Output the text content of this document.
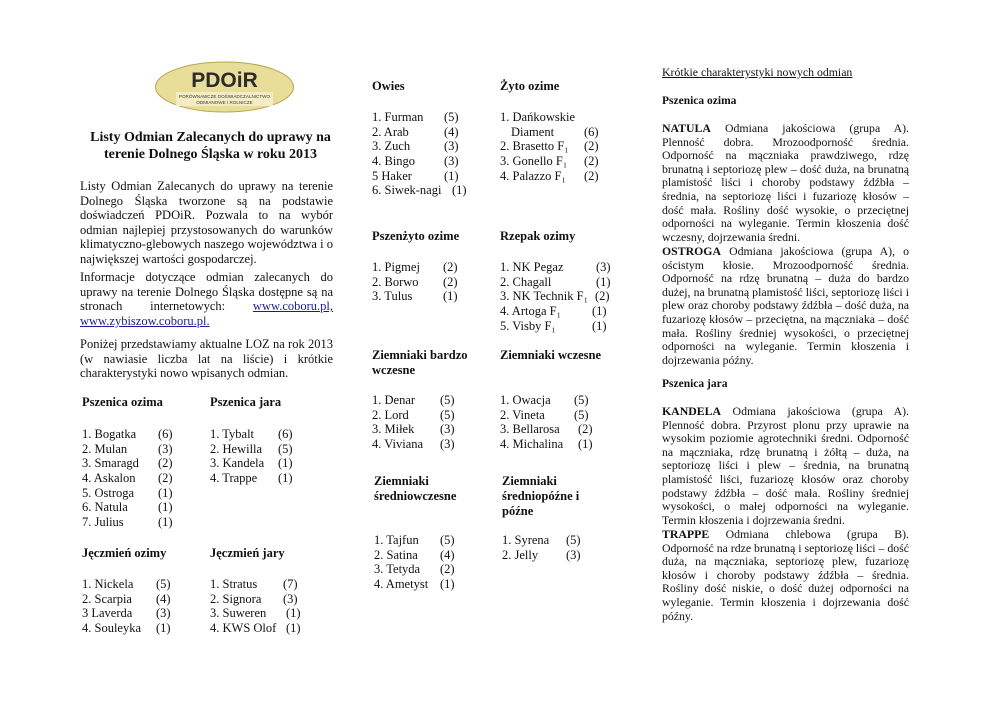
PDOiR
PORÓWNAWCZE DOŚWIADCZALNICTWO
ODMIANOWE I ROLNICZE
Listy Odmian Zalecanych do uprawy na terenie Dolnego Śląska w roku 2013
Listy Odmian Zalecanych do uprawy na terenie Dolnego Śląska tworzone są na podstawie doświadczeń PDOiR. Pozwala to na wybór odmian najlepiej przystosowanych do warunków klimatyczno-glebowych naszego województwa i o największej wartości gospodarczej.
Informacje dotyczące odmian zalecanych do uprawy na terenie Dolnego Śląska dostępne są na stronach internetowych: www.coboru.pl, www.zybiszow.coboru.pl.
Poniżej przedstawiamy aktualne LOZ na rok 2013 (w nawiasie liczba lat na liście) i krótkie charakterystyki nowo wpisanych odmian.
Pszenica ozima
1. Bogatka (6)
2. Mulan (3)
3. Smaragd (2)
4. Askalon (2)
5. Ostroga (1)
6. Natula (1)
7. Julius	(1)
Pszenica jara
1. Tybalt (6)
2. Hewilla (5)
3. Kandela (1)
4. Trappe (1)
Jęczmień ozimy
1. Nickela (5)
2. Scarpia (4)
3 Laverda (3)
4. Souleyka (1)
Jęczmień jary
1. Stratus (7)
2. Signora (3)
3. Suweren (1)
4. KWS Olof (1)
Owies
1. Furman (5)
2. Arab	(4)
3. Zuch	(3)
4. Bingo (3)
5 Haker	(1)
6. Siwek-nagi (1)
Żyto ozime
1. Dańkowskie
Diament (6)
2. Brasetto F₁ (2)
3. Gonello F₁ (2)
4. Palazzo F₁ (2)
Pszenżyto ozime
1. Pigmej (2)
2. Borwo (2)
3. Tulus (1)
Rzepak ozimy
1. NK Pegaz	(3)
2. Chagall	(1)
3. NK Technik F₁ (2)
4. Artoga F₁ (1)
5. Visby F₁	(1)
Ziemniaki bardzo wczesne
1. Denar (5)
2. Lord (5)
3. Miłek (3)
4. Viviana (3)
Ziemniaki wczesne
1. Owacja (5)
2. Vineta (5)
3. Bellarosa (2)
4. Michalina (1)
Ziemniaki średniowczesne
1. Tajfun (5)
2. Satina (4)
3. Tetyda (2)
4. Ametyst (1)
Ziemniaki średniopóźne i późne
1. Syrena (5)
2. Jelly (3)
Krótkie charakterystyki nowych odmian
Pszenica ozima
NATULA Odmiana jakościowa (grupa A). Plenność dobra. Mrozoodporność średnia. Odporność na mączniaka prawdziwego, rdzę brunatną i septoriozę plew – dość duża, na brunatną plamistość liści i choroby podstawy źdźbła – średnia, na septoriozę liści i fuzariozę kłosów – dość mała. Rośliny dość wysokie, o przeciętnej odporności na wyleganie. Termin kłoszenia dość wczesny, dojrzewania średni.
OSTROGA Odmiana jakościowa (grupa A), o ościstym kłosie. Mrozoodporność średnia. Odporność na rdzę brunatną – duża do bardzo dużej, na brunatną plamistość liści, septoriozę liści i plew oraz choroby podstawy źdźbła – dość duża, na fuzariozę kłosów – przeciętna, na mączniaka – dość mała. Rośliny średniej wysokości, o przeciętnej odporności na wyleganie. Termin kłoszenia i dojrzewania późny.
Pszenica jara
KANDELA Odmiana jakościowa (grupa A). Plenność dobra. Przyrost plonu przy uprawie na wysokim poziomie agrotechniki średni. Odporność na mączniaka, rdzę brunatną i żółtą – duża, na septoriozę liści i plew – średnia, na brunatną plamistość liści, fuzariozę kłosów oraz choroby podstawy źdźbła – dość mała. Rośliny średniej wysokości, o małej odporności na wyleganie. Termin kłoszenia i dojrzewania średni.
TRAPPE Odmiana chlebowa (grupa B). Odporność na rdze brunatną i septoriozę liści – dość duża, na mączniaka, septoriozę plew, fuzariozę kłosów i choroby podstawy źdźbła – średnia. Rośliny dość niskie, o dość dużej odporności na wyleganie. Termin kłoszenia i dojrzewania dość późny.
